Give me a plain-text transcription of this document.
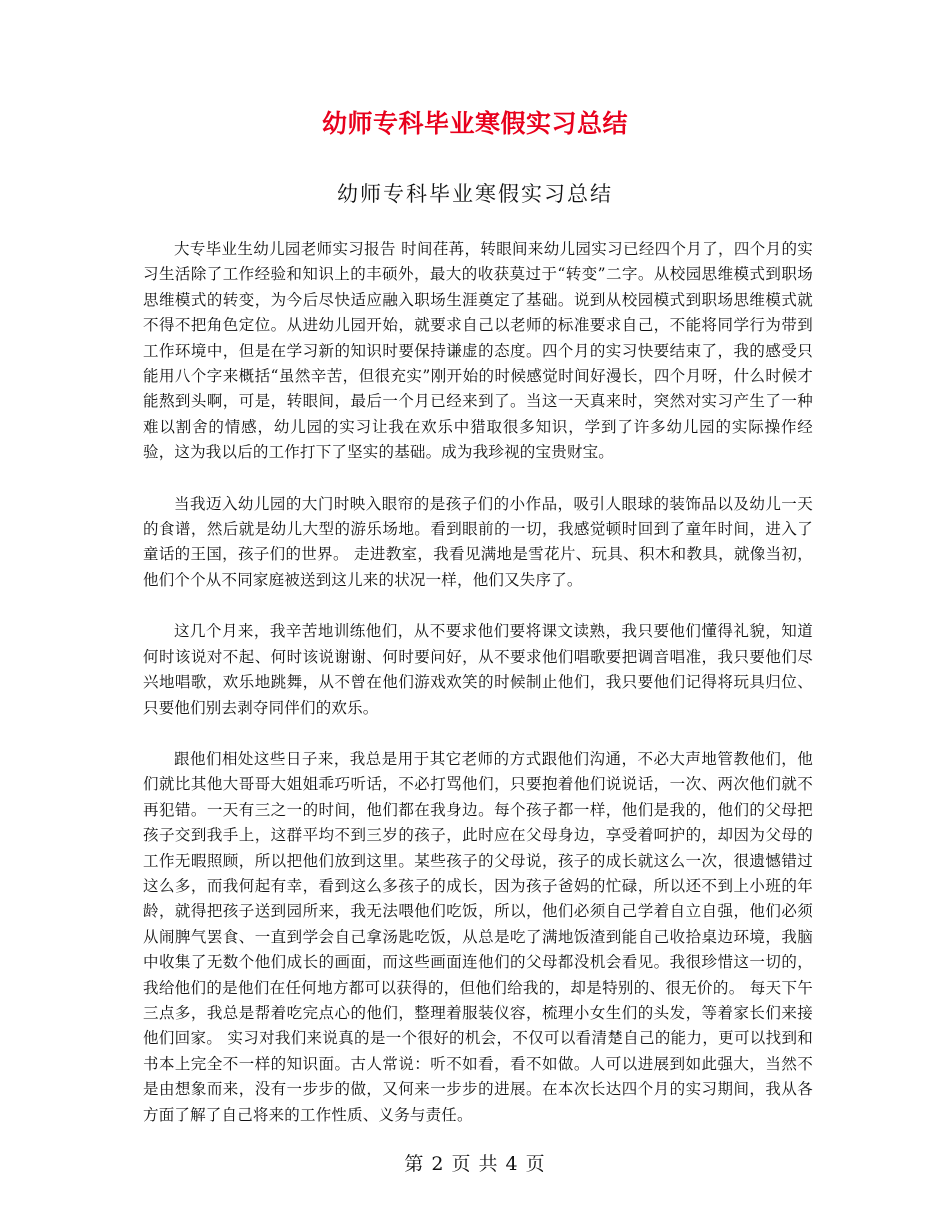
幼师专科毕业寒假实习总结
幼师专科毕业寒假实习总结

大专毕业生幼儿园老师实习报告 时间荏苒，转眼间来幼儿园实习已经四个月了，四个月的实习生活除了工作经验和知识上的丰硕外，最大的收获莫过于“转变”二字。从校园思维模式到职场思维模式的转变，为今后尽快适应融入职场生涯奠定了基础。说到从校园模式到职场思维模式就不得不把角色定位。从进幼儿园开始，就要求自己以老师的标准要求自己，不能将同学行为带到工作环境中，但是在学习新的知识时要保持谦虚的态度。四个月的实习快要结束了，我的感受只能用八个字来概括“虽然辛苦，但很充实”刚开始的时候感觉时间好漫长，四个月呀，什么时候才能熬到头啊，可是，转眼间，最后一个月已经来到了。当这一天真来时，突然对实习产生了一种难以割舍的情感，幼儿园的实习让我在欢乐中猎取很多知识，学到了许多幼儿园的实际操作经验，这为我以后的工作打下了坚实的基础。成为我珍视的宝贵财宝。

当我迈入幼儿园的大门时映入眼帘的是孩子们的小作品，吸引人眼球的装饰品以及幼儿一天的食谱，然后就是幼儿大型的游乐场地。看到眼前的一切，我感觉顿时回到了童年时间，进入了童话的王国，孩子们的世界。 走进教室，我看见满地是雪花片、玩具、积木和教具，就像当初，他们个个从不同家庭被送到这儿来的状况一样，他们又失序了。

这几个月来，我辛苦地训练他们，从不要求他们要将课文读熟，我只要他们懂得礼貌，知道何时该说对不起、何时该说谢谢、何时要问好，从不要求他们唱歌要把调音唱准，我只要他们尽兴地唱歌，欢乐地跳舞，从不曾在他们游戏欢笑的时候制止他们，我只要他们记得将玩具归位、只要他们别去剥夺同伴们的欢乐。

跟他们相处这些日子来，我总是用于其它老师的方式跟他们沟通，不必大声地管教他们，他们就比其他大哥哥大姐姐乖巧听话，不必打骂他们，只要抱着他们说说话，一次、两次他们就不再犯错。一天有三之一的时间，他们都在我身边。每个孩子都一样，他们是我的，他们的父母把孩子交到我手上，这群平均不到三岁的孩子，此时应在父母身边，享受着呵护的，却因为父母的工作无暇照顾，所以把他们放到这里。某些孩子的父母说，孩子的成长就这么一次，很遗憾错过这么多，而我何起有幸，看到这么多孩子的成长，因为孩子爸妈的忙碌，所以还不到上小班的年龄，就得把孩子送到园所来，我无法喂他们吃饭，所以，他们必须自己学着自立自强，他们必须从闹脾气罢食、一直到学会自己拿汤匙吃饭，从总是吃了满地饭渣到能自己收拾桌边环境，我脑中收集了无数个他们成长的画面，而这些画面连他们的父母都没机会看见。我很珍惜这一切的，我给他们的是他们在任何地方都可以获得的，但他们给我的，却是特别的、很无价的。 每天下午三点多，我总是帮着吃完点心的他们，整理着服装仪容，梳理小女生们的头发，等着家长们来接他们回家。 实习对我们来说真的是一个很好的机会，不仅可以看清楚自己的能力，更可以找到和书本上完全不一样的知识面。古人常说：听不如看，看不如做。人可以进展到如此强大，当然不是由想象而来，没有一步步的做，又何来一步步的进展。在本次长达四个月的实习期间，我从各方面了解了自己将来的工作性质、义务与责任。

第 2 页 共 4 页
